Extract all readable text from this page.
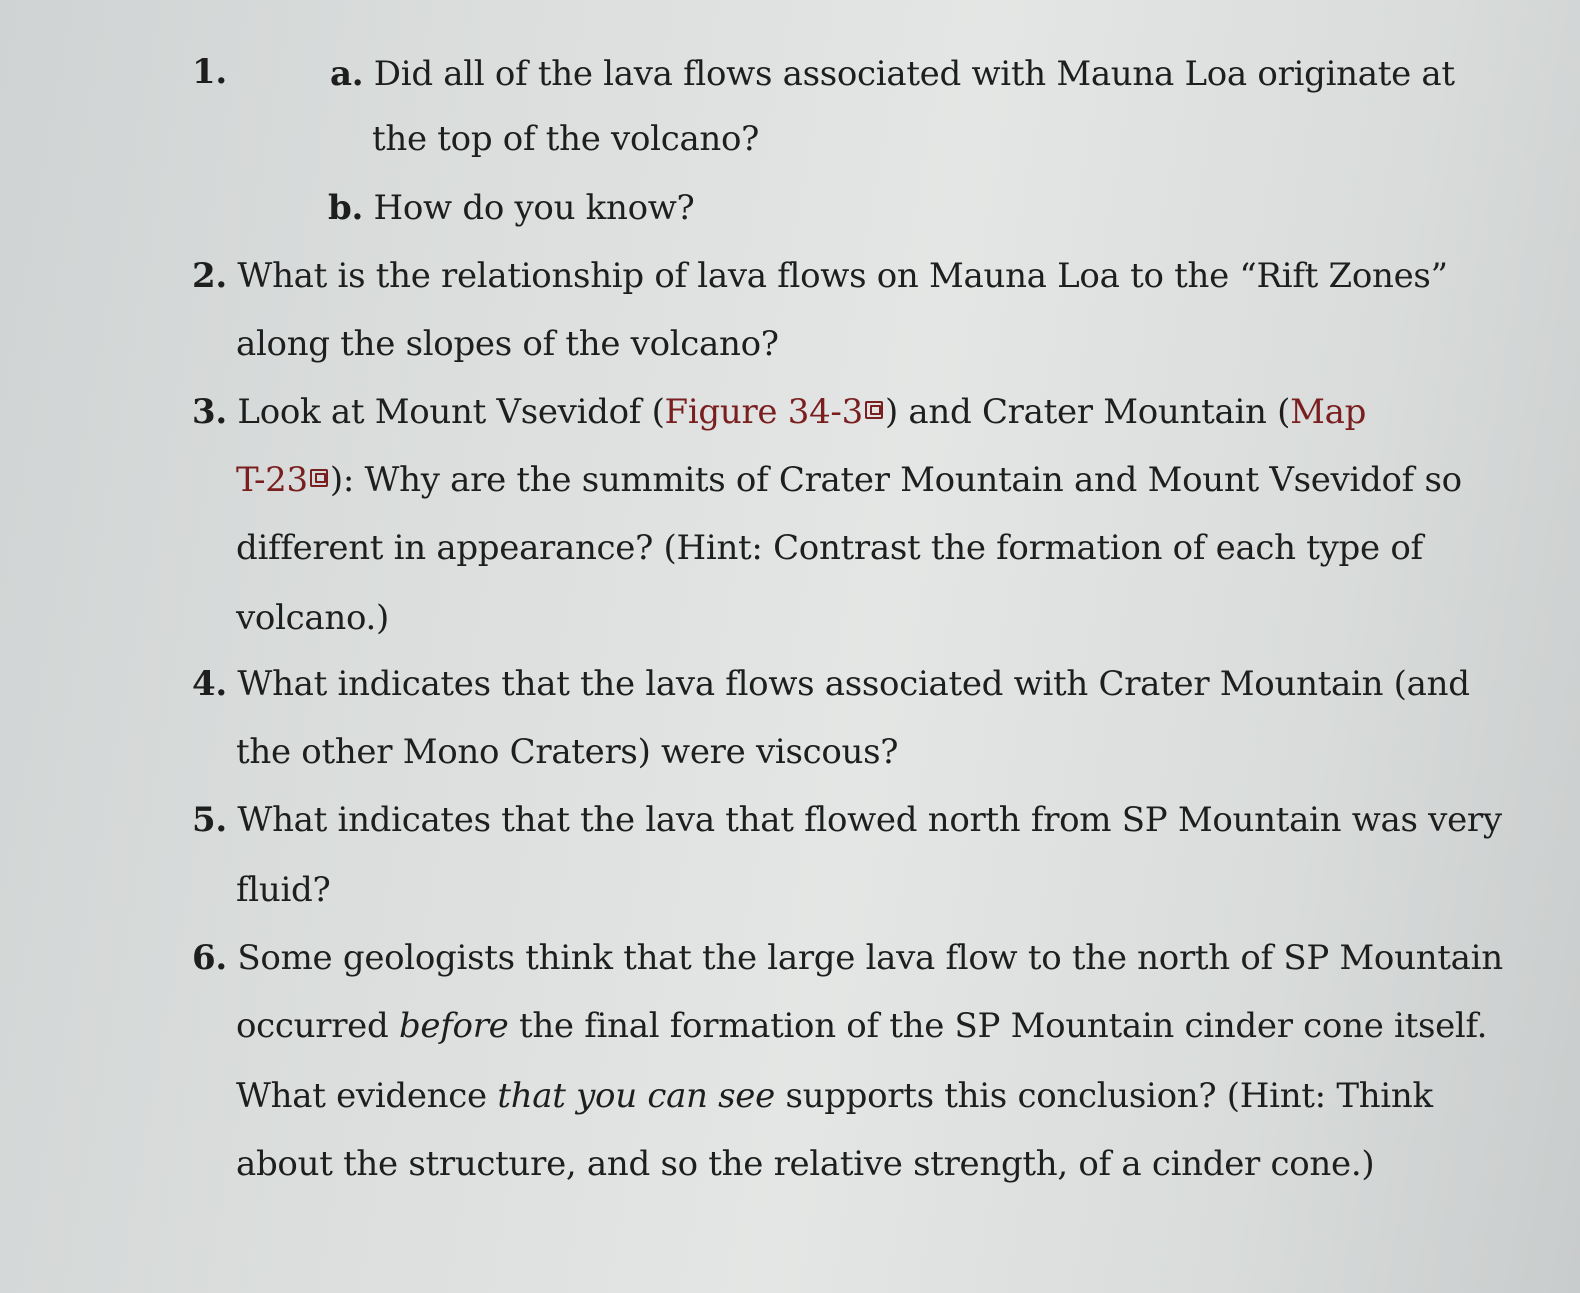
1.	a. Did all of the lava flows associated with Mauna Loa originate at
the top of the volcano?
b. How do you know?
2. What is the relationship of lava flows on Mauna Loa to the “Rift Zones”
along the slopes of the volcano?
3. Look at Mount Vsevidof (Figure 34-3 ) and Crater Mountain (Map
T-23 ): Why are the summits of Crater Mountain and Mount Vsevidof so
different in appearance? (Hint: Contrast the formation of each type of
volcano.)
4. What indicates that the lava flows associated with Crater Mountain (and
the other Mono Craters) were viscous?
5. What indicates that the lava that flowed north from SP Mountain was very
fluid?
6. Some geologists think that the large lava flow to the north of SP Mountain
occurred before the final formation of the SP Mountain cinder cone itself.
What evidence that you can see supports this conclusion? (Hint: Think
about the structure, and so the relative strength, of a cinder cone.)
